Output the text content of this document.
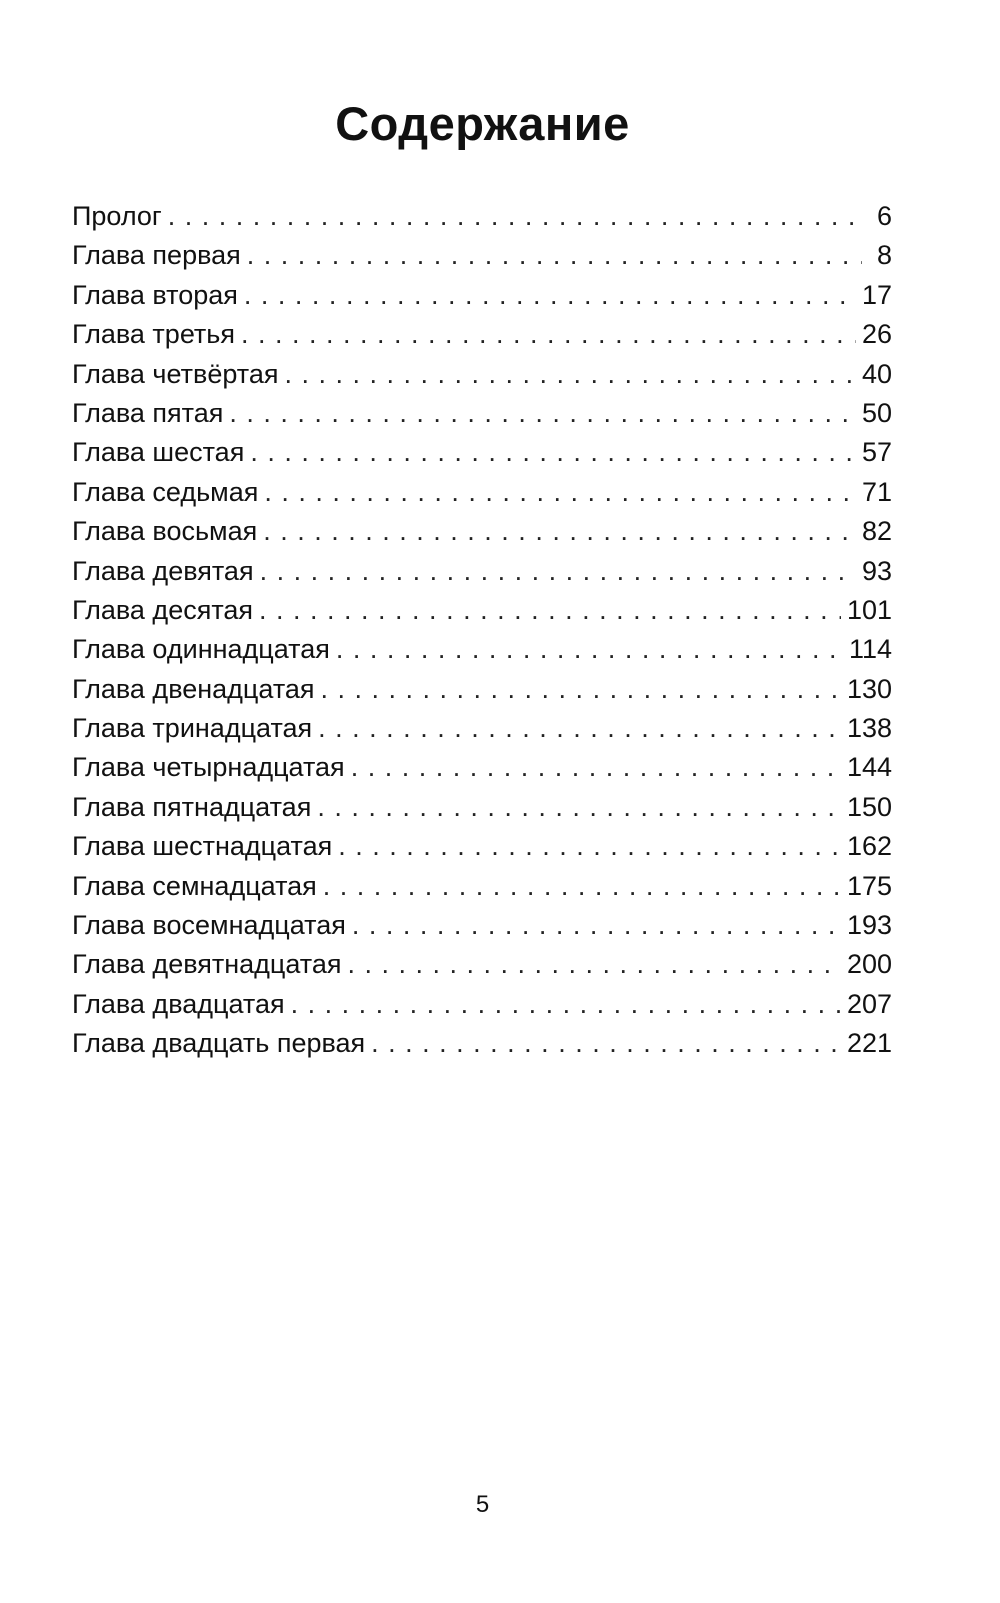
Содержание
Пролог . . .	6
Глава первая . . .	8
Глава вторая . . .	17
Глава третья . . .	26
Глава четвёртая . . .	40
Глава пятая . . .	50
Глава шестая . . .	57
Глава седьмая . . .	71
Глава восьмая . . .	82
Глава девятая . . .	93
Глава десятая . . .	101
Глава одиннадцатая . . .	114
Глава двенадцатая . . .	130
Глава тринадцатая . . .	138
Глава четырнадцатая . . .	144
Глава пятнадцатая . . .	150
Глава шестнадцатая . . .	162
Глава семнадцатая . . .	175
Глава восемнадцатая . . .	193
Глава девятнадцатая . . .	200
Глава двадцатая . . .	207
Глава двадцать первая . . .	221
5
